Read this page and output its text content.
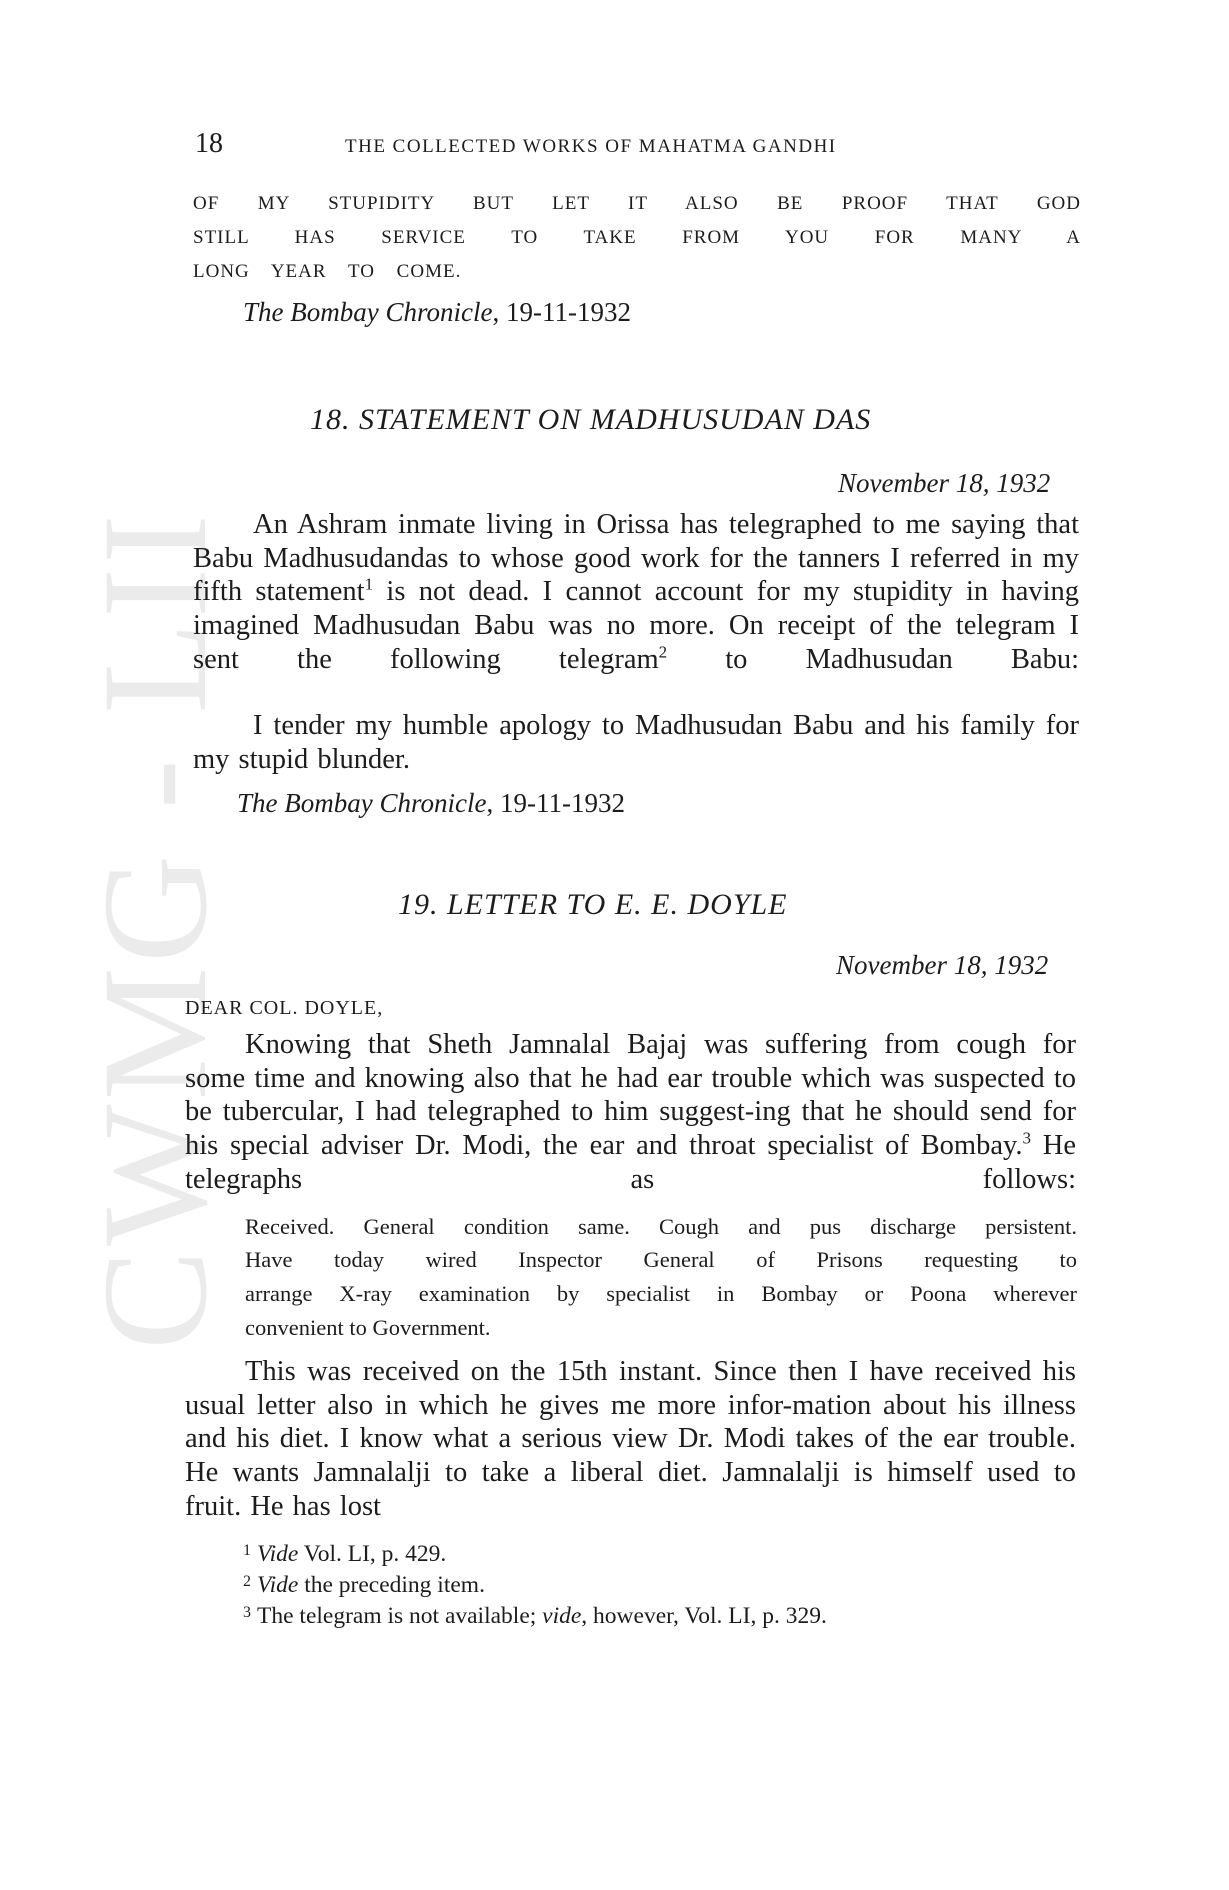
CWMG - LII
18	THE COLLECTED WORKS OF MAHATMA GANDHI
OF MY STUPIDITY BUT LET IT ALSO BE PROOF THAT GOD
STILL HAS SERVICE TO TAKE FROM YOU FOR MANY A
LONG YEAR TO COME.
The Bombay Chronicle, 19-11-1932
18. STATEMENT ON MADHUSUDAN DAS
November 18, 1932
An Ashram inmate living in Orissa has telegraphed to me saying that Babu Madhusudandas to whose good work for the tanners I referred in my fifth statement$^1$ is not dead. I cannot account for my stupidity in having imagined Madhusudan Babu was no more. On receipt of the telegram I sent the following telegram$^2$ to Madhusudan Babu:
I tender my humble apology to Madhusudan Babu and his family for my stupid blunder.
The Bombay Chronicle, 19-11-1932
19. LETTER TO E. E. DOYLE
November 18, 1932
DEAR COL. DOYLE,
Knowing that Sheth Jamnalal Bajaj was suffering from cough for some time and knowing also that he had ear trouble which was suspected to be tubercular, I had telegraphed to him suggest-ing that he should send for his special adviser Dr. Modi, the ear and throat specialist of Bombay.$^3$ He telegraphs as follows:
Received. General condition same. Cough and pus discharge persistent.
Have today wired Inspector General of Prisons requesting to
arrange X-ray examination by specialist in Bombay or Poona wherever
convenient to Government.
This was received on the 15th instant. Since then I have received his usual letter also in which he gives me more infor-mation about his illness and his diet. I know what a serious view Dr. Modi takes of the ear trouble. He wants Jamnalalji to take a liberal diet. Jamnalalji is himself used to fruit. He has lost
$^1$ Vide Vol. LI, p. 429.
$^2$ Vide the preceding item.
$^3$ The telegram is not available; vide, however, Vol. LI, p. 329.
